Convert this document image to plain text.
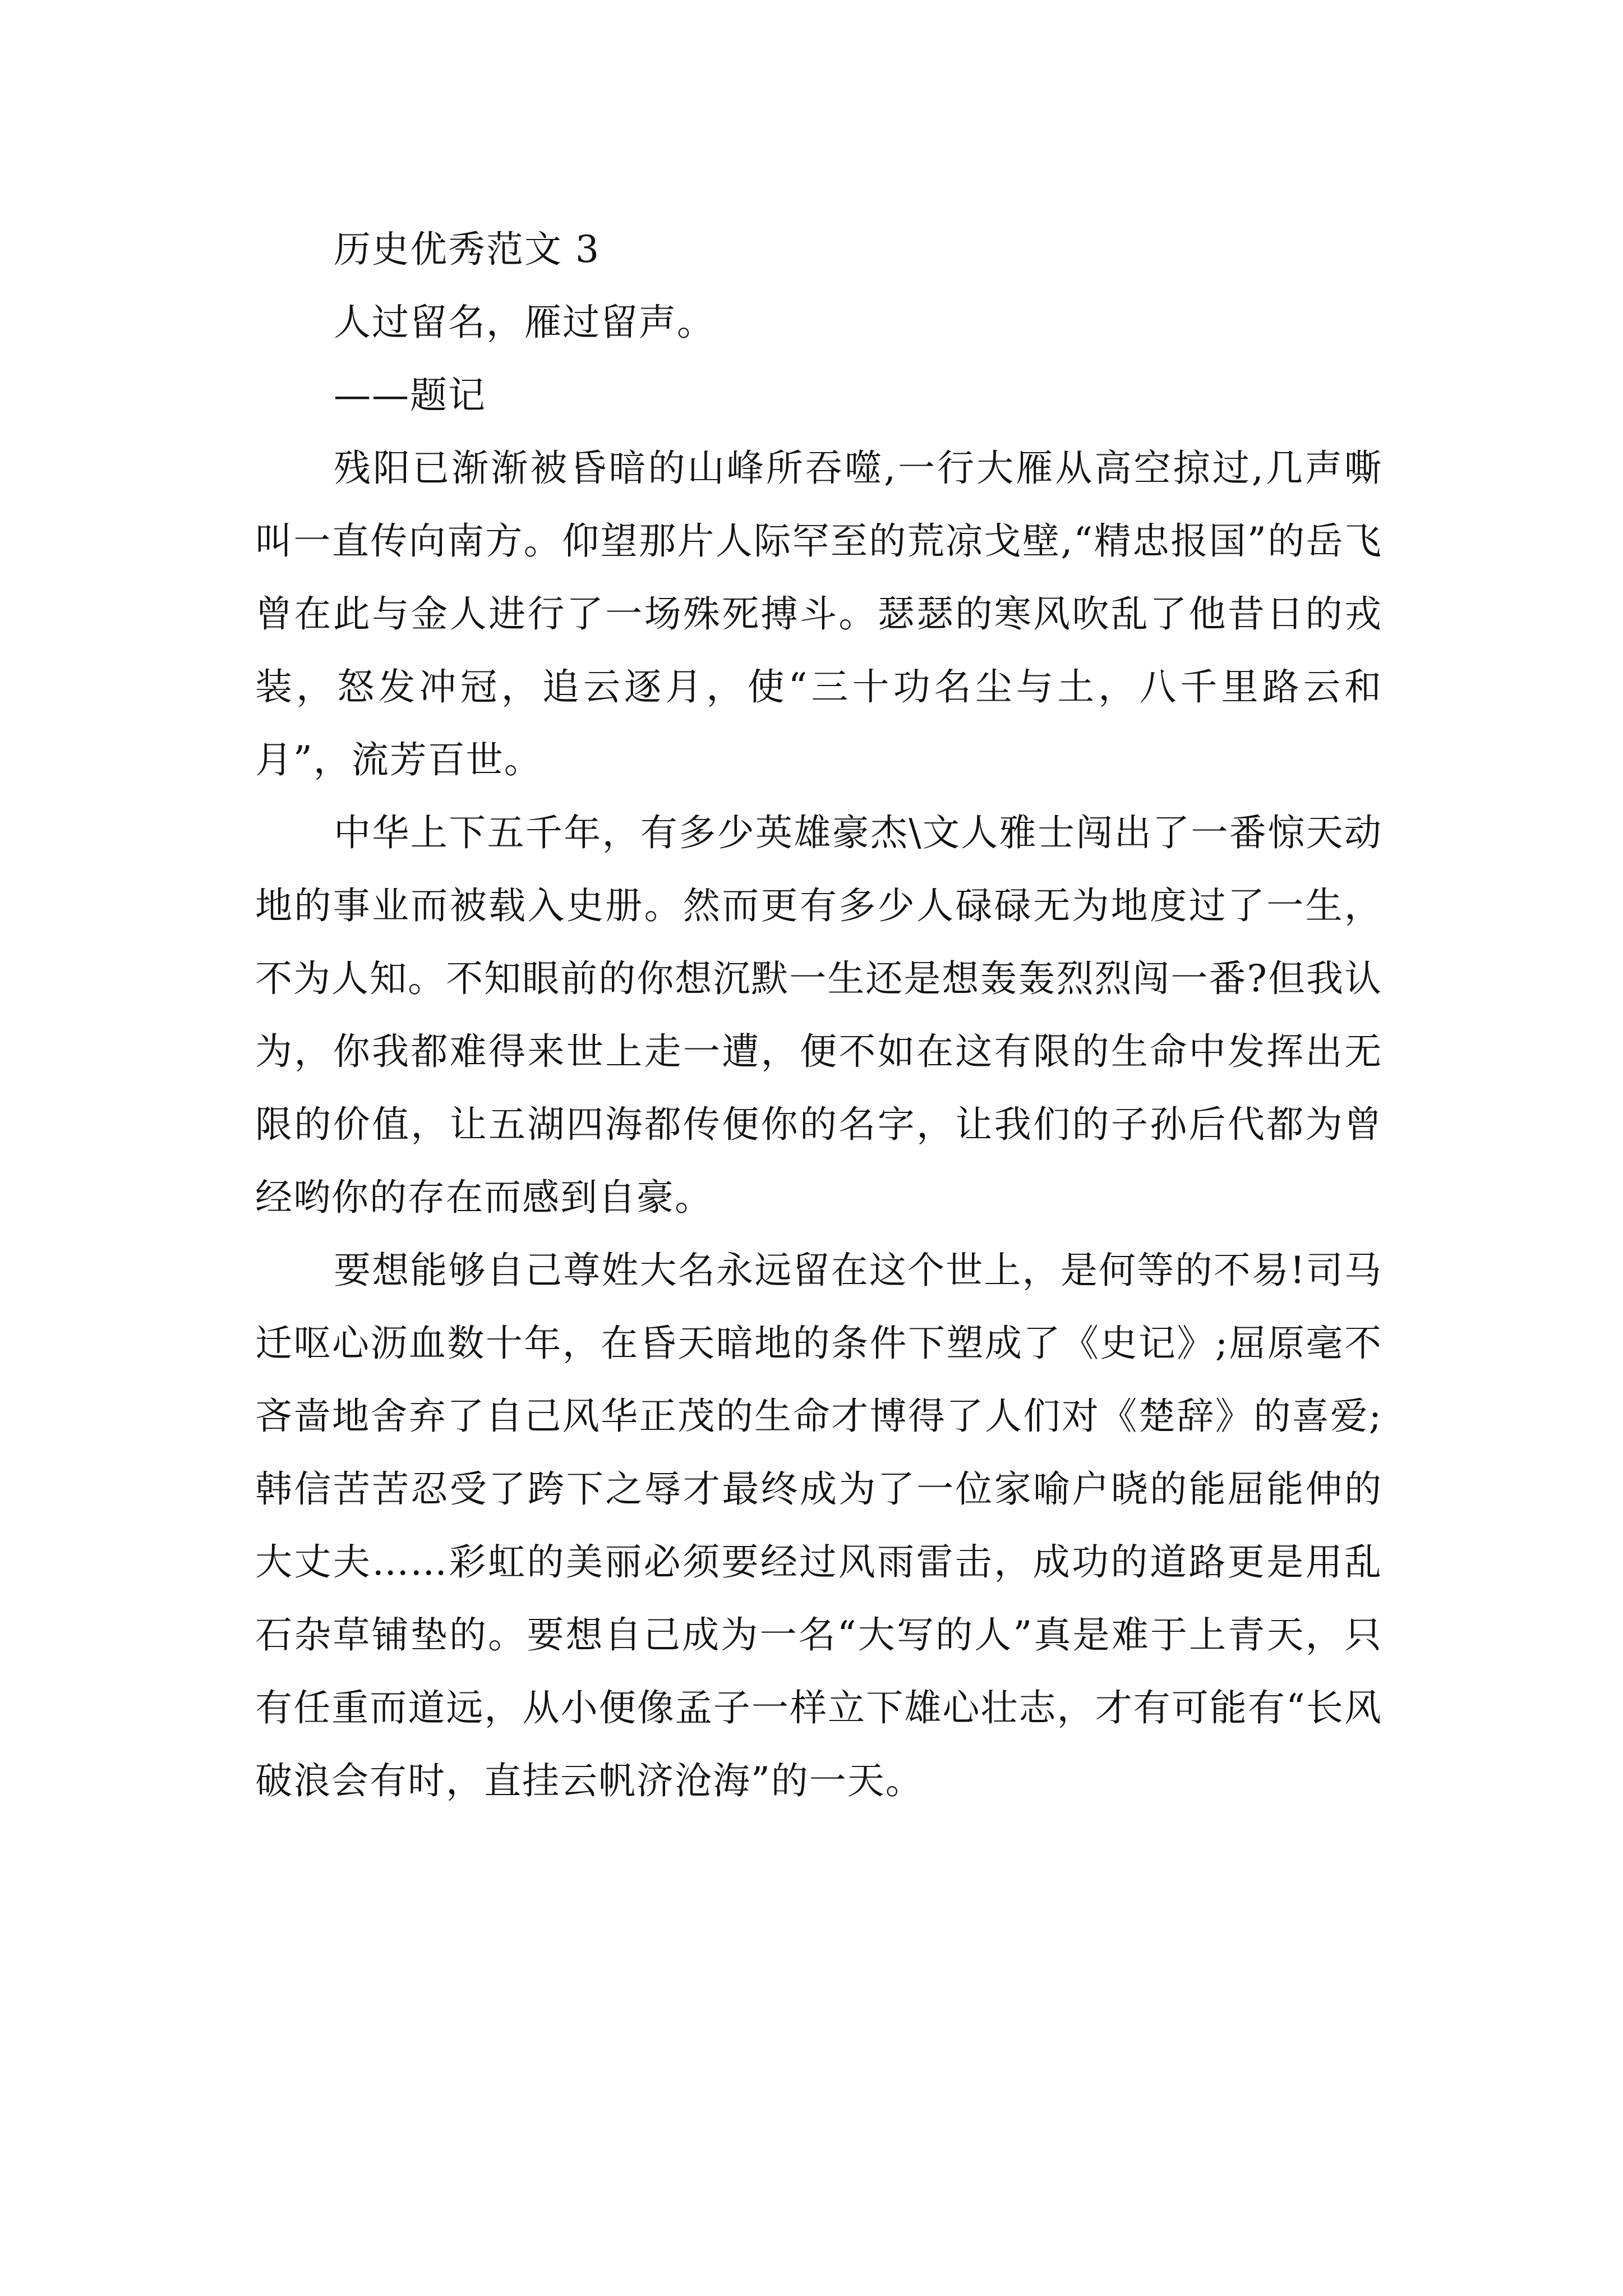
历史优秀范文 3
人过留名，雁过留声。
——题记

残阳已渐渐被昏暗的山峰所吞噬,一行大雁从高空掠过,几声嘶叫一直传向南方。仰望那片人际罕至的荒凉戈壁,“精忠报国”的岳飞曾在此与金人进行了一场殊死搏斗。瑟瑟的寒风吹乱了他昔日的戎装，怒发冲冠，追云逐月，使“三十功名尘与土，八千里路云和月”，流芳百世。

中华上下五千年，有多少英雄豪杰\文人雅士闯出了一番惊天动地的事业而被载入史册。然而更有多少人碌碌无为地度过了一生，不为人知。不知眼前的你想沉默一生还是想轰轰烈烈闯一番?但我认为，你我都难得来世上走一遭，便不如在这有限的生命中发挥出无限的价值，让五湖四海都传便你的名字，让我们的子孙后代都为曾经哟你的存在而感到自豪。

要想能够自己尊姓大名永远留在这个世上，是何等的不易!司马迁呕心沥血数十年，在昏天暗地的条件下塑成了《史记》;屈原毫不吝啬地舍弃了自己风华正茂的生命才博得了人们对《楚辞》的喜爱;韩信苦苦忍受了跨下之辱才最终成为了一位家喻户晓的能屈能伸的大丈夫……彩虹的美丽必须要经过风雨雷击，成功的道路更是用乱石杂草铺垫的。要想自己成为一名“大写的人”真是难于上青天，只有任重而道远，从小便像孟子一样立下雄心壮志，才有可能有“长风破浪会有时，直挂云帆济沧海”的一天。
